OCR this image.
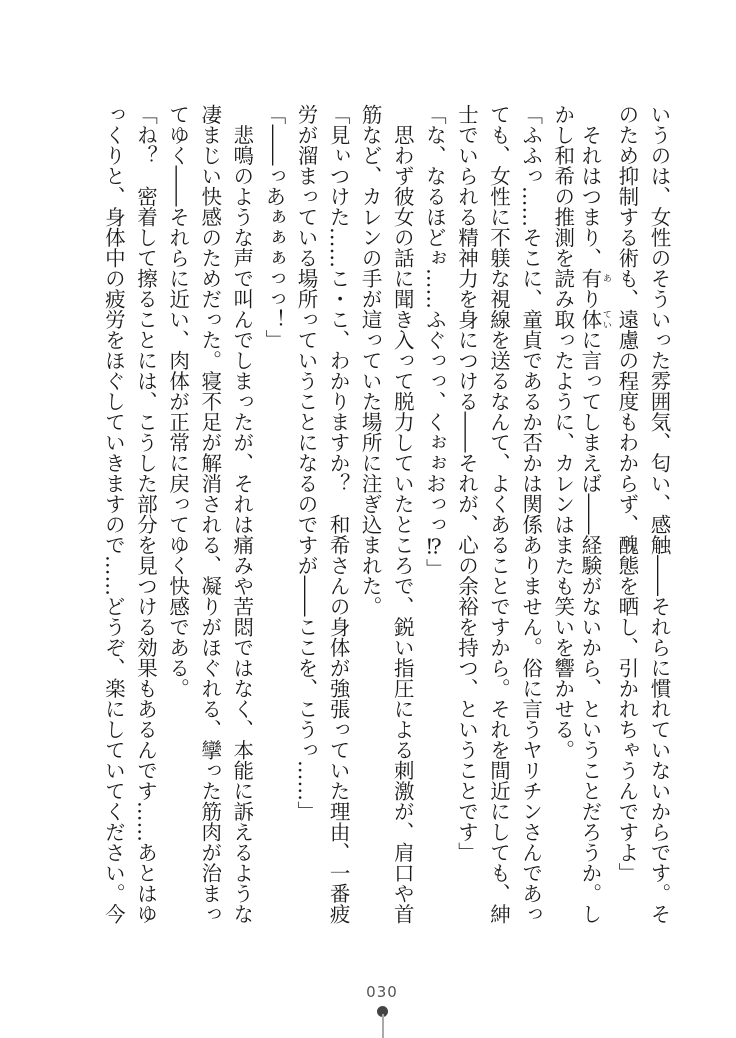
いうのは、女性のそういった雰囲気、匂い、感触――それらに慣れていないからです。そ
のため抑制する術も、遠慮の程度もわからず、醜態を晒し、引かれちゃうんですよ」
　それはつまり、有 あり体 ていに言ってしまえば――経験がないから、ということだろうか。し
かし和希の推測を読み取ったように、カレンはまたも笑いを響かせる。
「ふふっ……そこに、童貞であるか否かは関係ありません。俗に言うヤリチンさんであっ
ても、女性に不躾な視線を送るなんて、よくあることですから。それを間近にしても、紳
士でいられる精神力を身につける――それが、心の余裕を持つ、ということです」
「な、なるほどぉ……ふぐっっ、くぉぉおっっ⁉」
　思わず彼女の話に聞き入って脱力していたところで、鋭い指圧による刺激が、肩口や首
筋など、カレンの手が這っていた場所に注ぎ込まれた。
「見ぃつけた……こ・こ、わかりますか？　和希さんの身体が強張っていた理由、一番疲
労が溜まっている場所っていうことになるのですが――ここを、こうっ……」
「――っあぁぁぁっっ！」
　悲鳴のような声で叫んでしまったが、それは痛みや苦悶ではなく、本能に訴えるような
凄まじい快感のためだった。寝不足が解消される、凝りがほぐれる、攣った筋肉が治まっ
てゆく――それらに近い、肉体が正常に戻ってゆく快感である。
「ね？　密着して擦ることには、こうした部分を見つける効果もあるんです……あとはゆ
っくりと、身体中の疲労をほぐしていきますので……どうぞ、楽にしていてください。今
030
